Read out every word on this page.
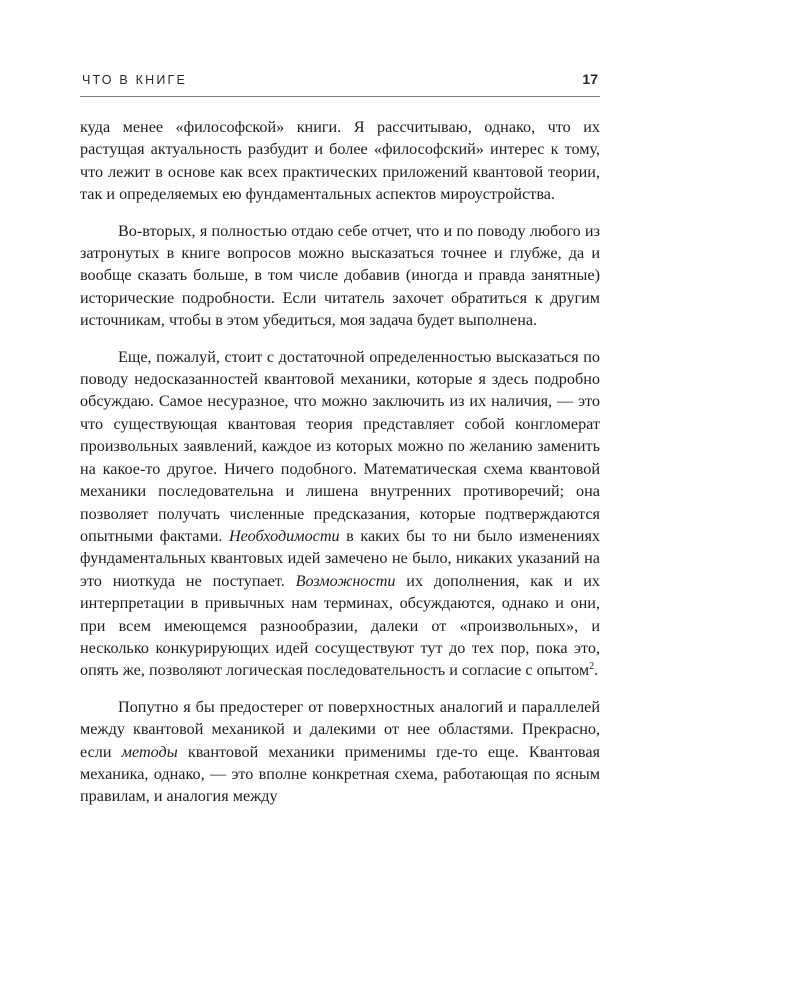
ЧТО В КНИГЕ	17

куда менее «философской» книги. Я рассчитываю, однако, что их растущая актуальность разбудит и более «философский» интерес к тому, что лежит в основе как всех практических приложений квантовой теории, так и определяемых ею фундаментальных аспектов мироустройства.

Во-вторых, я полностью отдаю себе отчет, что и по поводу любого из затронутых в книге вопросов можно высказаться точнее и глубже, да и вообще сказать больше, в том числе добавив (иногда и правда занятные) исторические подробности. Если читатель захочет обратиться к другим источникам, чтобы в этом убедиться, моя задача будет выполнена.

Еще, пожалуй, стоит с достаточной определенностью высказаться по поводу недосказанностей квантовой механики, которые я здесь подробно обсуждаю. Самое несуразное, что можно заключить из их наличия, — это что существующая квантовая теория представляет собой конгломерат произвольных заявлений, каждое из которых можно по желанию заменить на какое-то другое. Ничего подобного. Математическая схема квантовой механики последовательна и лишена внутренних противоречий; она позволяет получать численные предсказания, которые подтверждаются опытными фактами. Необходимости в каких бы то ни было изменениях фундаментальных квантовых идей замечено не было, никаких указаний на это ниоткуда не поступает. Возможности их дополнения, как и их интерпретации в привычных нам терминах, обсуждаются, однако и они, при всем имеющемся разнообразии, далеки от «произвольных», и несколько конкурирующих идей сосуществуют тут до тех пор, пока это, опять же, позволяют логическая последовательность и согласие с опытом$^2$.

Попутно я бы предостерег от поверхностных аналогий и параллелей между квантовой механикой и далекими от нее областями. Прекрасно, если методы квантовой механики применимы где-то еще. Квантовая механика, однако, — это вполне конкретная схема, работающая по ясным правилам, и аналогия между
